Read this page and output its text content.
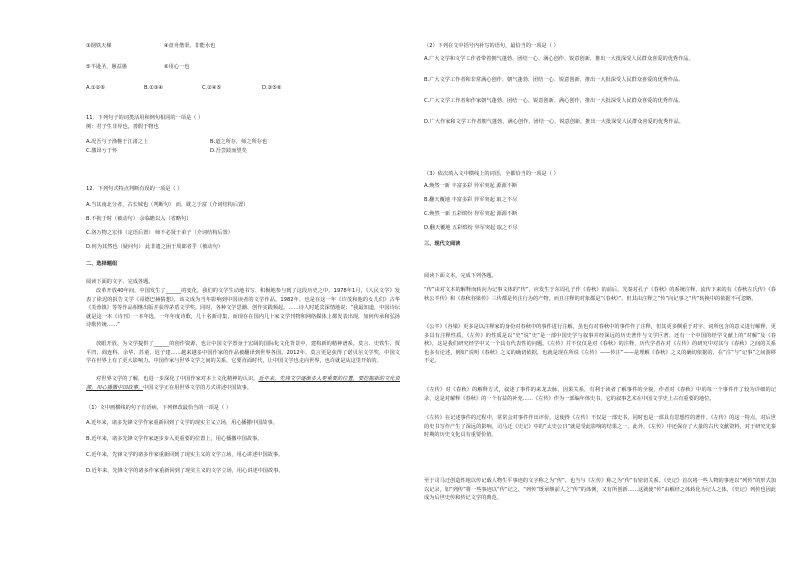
③钢铁天梯	④盘舟偕渠，非能水也
⑤羊逊圣，愚益愚	⑥用心一也
A.①②⑥	B.①③④	C.②④⑤	D.③⑤⑥
11．下列句子的词类活用和例句相同的一项是（ ）
例：君子生非异也，善假于物也
A.况吾与子渔樵于江渚之上	B.道之所存，师之所存也
C.激昂亏于怀	D.吾尝跂而望矣
12．下列句式特点判断有误的一项是（ ）
A.当其南北分者，古长城也（判断句） 而，耽之于富（介词结构后置）
B.不拘于时（被动句） 余临瞻以入（省略句）
C.洛万物之宏伟（定语后置） 师不必贤于弟子（介词结构后置）
D.何为其然也（疑问句） 此非遗之困于周郎者乎（被动句）
二、选择题组
阅读下面的文字，完成各题。
改革开放40年间，中国发生了______的变化，我们的文学生动地书写、积极地参与到了这段历史之中。1978年1月，《人民文学》发表了徐迟的报告文学《哥德巴赫猜想》，该文成为当年影响到中国读者的文学作品。1982年，也是在这一年《许茂和他的女儿们》古华《芙蓉镇》等等作品相继出版并获得茅盾文学奖。同时，各种文学思潮、创作实践频起。……诗人时延宾深情地说：“我最知道，中国诗坛就是这一本《诗刊》一本年选，一年年度诗歌，几十名新诗集，而现在在国内几十家文学刊物和网络媒体上都发表出现，如何传承和弘扬诗歌传统……”
放眼开放，为文学提供了______的创作资源，也让中国文学置身于宏阔的国际化文化背景中，建构新的精神谱系。莫言、史铁生、贾平凹、阎连科、余华、苏童、迟子建……越来越多中国作家的作品被翻译到世界各国。2012年，莫言更是获得了诺贝尔文学奖，中国文学在世界上有了更大影响力。中国作家与世界文学之间的关系，它要直面时代，让中国文学也走向世界，也许就是从这里开始的。
对世界文学的了解，也进一步深化了中国作家对本土文化精神的认识。近年来，先锋文学逐渐步入更重要的位置，要挖掘新的文化资源，用心播撒中国故事。中国文学正在用世界文学的方式讲述中国故事。
（1）文中画横线的句子有语病，下列修改最恰当的一项是（ ）
A.近年来，诸多先锋文学作家重新回到了文学的现实主义立场，用心播撒中国故事。
B.近年来，诸多先锋文学作家逐步步入更重要的位置上，用心播撒中国故事。
C.近年来，先锋文学的诸多作家重新回到了现实主义的文学立场，用心讲述中国故事。
D.近年来，先锋文学的诸多作家重新回到了现实主义的文学立场，用心讲述中国故事。
（2）下列在文中括号内补写的语句，最恰当的一项是（ ）
A.广大文学和文学工作者带着朝气蓬勃、团结一心、满心创作、锐意创新，推出一大批深受人民群众喜爱的优秀作品。
B.广大文学工作者和非常满心创作、朝气蓬勃、团结一心、锐意创新，推出一大批深受人民群众喜爱的优秀作品。
C.广大文学工作者和作家朝气蓬勃、团结一心、锐意创新、满心创作，推出一大批深受人民群众喜爱的优秀作品。
D.广大作家和文学工作者朝气蓬勃、满心创作、团结一心、锐意创新，推出一大批深受人民群众喜爱的优秀作品。
（3）依次填入文中横线上的词语，全都恰当的一项是（ ）
A.焕然一新 丰富多彩 异军突起 源源不断
B.翻天覆地 丰富多彩 异军突起 取之不尽
C.焕然一新 五彩缤纷 异军突起 源源不断
D.翻天覆地 五彩缤纷 异军突起 取之不尽
三、现代文阅读
阅读下面文本，完成下列各题。
“传”由对文本的解释而转向为记事文体的“传”，应发生于东周孔子作《春秋》的前后。先秦对孔子《春秋》的系统注释，流传下来的有《春秋左氏传》《春秋公羊传》和《春秋谷梁传》三传都是传注行为的产物，而且注释的对象都是“《春秋》”。但其由注释之“传”向记事之“传”转换中的依据不可忽略。
《公羊》《谷梁》更多是以注释家的身份对春秋中的事件进行注解，虽也有对春秋中的事件作了注释，但其更多侧重于对字、词所包含的意义进行解释，更多具有注释性质。《左传》的性质是以“史”说“史”是一部中国史学与叙事并经深远的历史著作与文学巨著。还有一个中国的经学文献上的“对解”及《春秋》，这是我们研究经学中又一个具有代表性的问题。《左传》并不仅仅是对《春秋》的注释，历代学者在对《左传》的研究中对其与《春秋》之间的关系也多有论述，例如“说明《春秋》之义的确切依据，也就是现在所说《左传》——传注”——是理解《春秋》之义的确切依据的，在“注”与“记事”之间游移不定。
《左传》对《春秋》的解释方式，叙述了事件的来龙去脉、因果关系，有利于读者了解事件的全貌，作者对《春秋》中的每一个事件作了较为详细的记录，这是对解释《春秋》的一个有益的补充……《左传》作为一部编年体史书，它的叙事艺术在中国文学史上占有重要的地位。
《左传》在记述事件的过程中，常常会对事件作出评价，这使得《左传》不仅是一部史书，同时也是一部具有思想性的著作。《左传》的这一特点，对后世的史书写作产生了深远的影响，司马迁《史记》中的“太史公曰”就是受此影响的结果之一。此外，《左传》中还保存了大量的古代文献资料，对于研究先秦时期的历史文化具有重要价值。
至于司马迁创造性地以传记载人物生平事迹的文字称之为“传”，也当与《左传》称之为“传”有密切关系。《史记》首次将一些人物的事迹以“列传”的形式加以记录，如“列传”将一些事迹以“传”记之，“列传”既承继前人之“传”的体例，又有所创新……这就使“传”由解经之体转化为记人之体，《史记》列传也因此成为后世史传和传记文学的典范。
